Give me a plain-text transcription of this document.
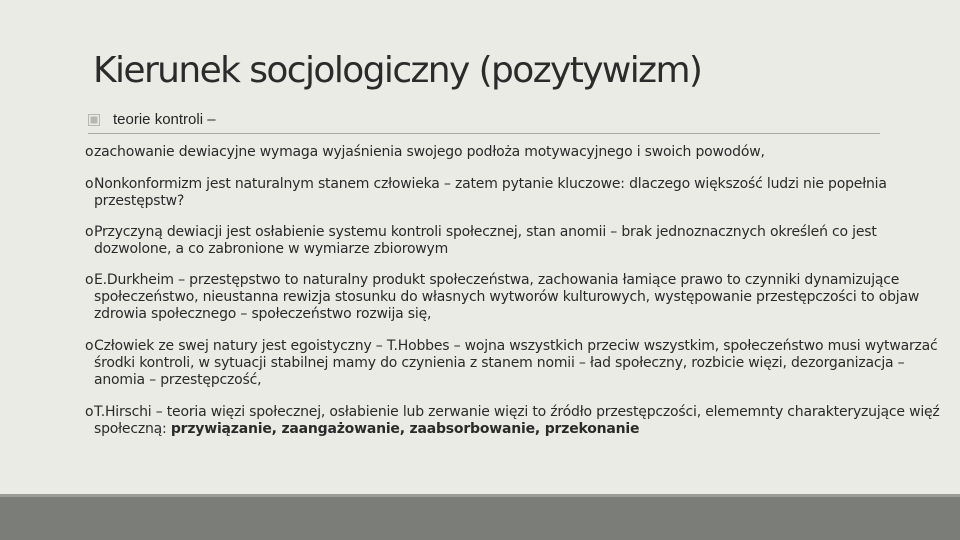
Kierunek socjologiczny (pozytywizm)
teorie kontroli –

o zachowanie dewiacyjne wymaga wyjaśnienia swojego podłoża motywacyjnego i swoich powodów,

o Nonkonformizm jest naturalnym stanem człowieka – zatem pytanie kluczowe: dlaczego większość ludzi nie popełnia przestępstw?

o Przyczyną dewiacji jest osłabienie systemu kontroli społecznej, stan anomii – brak jednoznacznych określeń co jest dozwolone, a co zabronione w wymiarze zbiorowym

o E.Durkheim – przestępstwo to naturalny produkt społeczeństwa, zachowania łamiące prawo to czynniki dynamizujące społeczeństwo, nieustanna rewizja stosunku do własnych wytworów kulturowych, występowanie przestępczości to objaw zdrowia społecznego – społeczeństwo rozwija się,

o Człowiek ze swej natury jest egoistyczny – T.Hobbes – wojna wszystkich przeciw wszystkim, społeczeństwo musi wytwarzać środki kontroli, w sytuacji stabilnej mamy do czynienia z stanem nomii – ład społeczny, rozbicie więzi, dezorganizacja – anomia – przestępczość,

o T.Hirschi – teoria więzi społecznej, osłabienie lub zerwanie więzi to źródło przestępczości, elememnty charakteryzujące więź społeczną: przywiązanie, zaangażowanie, zaabsorbowanie, przekonanie
